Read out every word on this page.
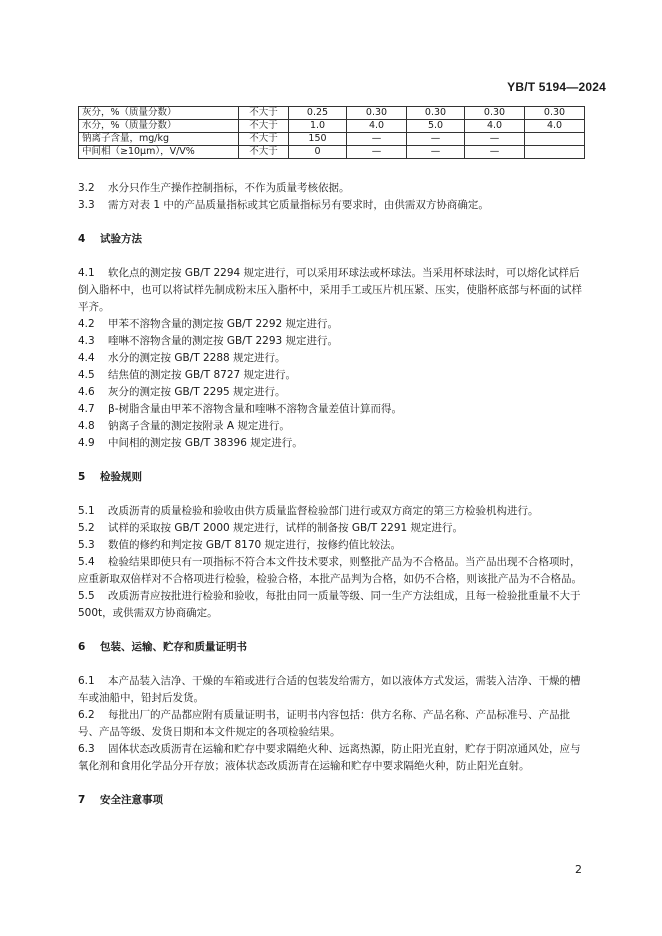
YB/T 5194—2024
灰分，%（质量分数）	不大于	0.25	0.30	0.30	0.30	0.30
水分，%（质量分数）	不大于	1.0	4.0	5.0	4.0	4.0
钠离子含量，mg/kg	不大于	150	—	—	—	
中间相（≥10μm），V/V%	不大于	0	—	—	—	

3.2 水分只作生产操作控制指标，不作为质量考核依据。

3.3 需方对表 1 中的产品质量指标或其它质量指标另有要求时，由供需双方协商确定。

4 试验方法

4.1 软化点的测定按 GB/T 2294 规定进行，可以采用环球法或杯球法。当采用杯球法时，可以熔化试样后倒入脂杯中，也可以将试样先制成粉末压入脂杯中，采用手工或压片机压紧、压实，使脂杯底部与杯面的试样平齐。

4.2 甲苯不溶物含量的测定按 GB/T 2292 规定进行。

4.3 喹啉不溶物含量的测定按 GB/T 2293 规定进行。

4.4 水分的测定按 GB/T 2288 规定进行。

4.5 结焦值的测定按 GB/T 8727 规定进行。

4.6 灰分的测定按 GB/T 2295 规定进行。

4.7 β-树脂含量由甲苯不溶物含量和喹啉不溶物含量差值计算而得。

4.8 钠离子含量的测定按附录 A 规定进行。

4.9 中间相的测定按 GB/T 38396 规定进行。

5 检验规则

5.1 改质沥青的质量检验和验收由供方质量监督检验部门进行或双方商定的第三方检验机构进行。

5.2 试样的采取按 GB/T 2000 规定进行，试样的制备按 GB/T 2291 规定进行。

5.3 数值的修约和判定按 GB/T 8170 规定进行，按修约值比较法。

5.4 检验结果即使只有一项指标不符合本文件技术要求，则整批产品为不合格品。当产品出现不合格项时，应重新取双倍样对不合格项进行检验，检验合格，本批产品判为合格，如仍不合格，则该批产品为不合格品。

5.5 改质沥青应按批进行检验和验收，每批由同一质量等级、同一生产方法组成，且每一检验批重量不大于 500t，或供需双方协商确定。

6 包装、运输、贮存和质量证明书

6.1 本产品装入洁净、干燥的车箱或进行合适的包装发给需方，如以液体方式发运，需装入洁净、干燥的槽车或油船中，铅封后发货。

6.2 每批出厂的产品都应附有质量证明书，证明书内容包括：供方名称、产品名称、产品标准号、产品批号、产品等级、发货日期和本文件规定的各项检验结果。

6.3 固体状态改质沥青在运输和贮存中要求隔绝火种、远离热源，防止阳光直射，贮存于阴凉通风处，应与氧化剂和食用化学品分开存放；液体状态改质沥青在运输和贮存中要求隔绝火种，防止阳光直射。

7 安全注意事项

2
